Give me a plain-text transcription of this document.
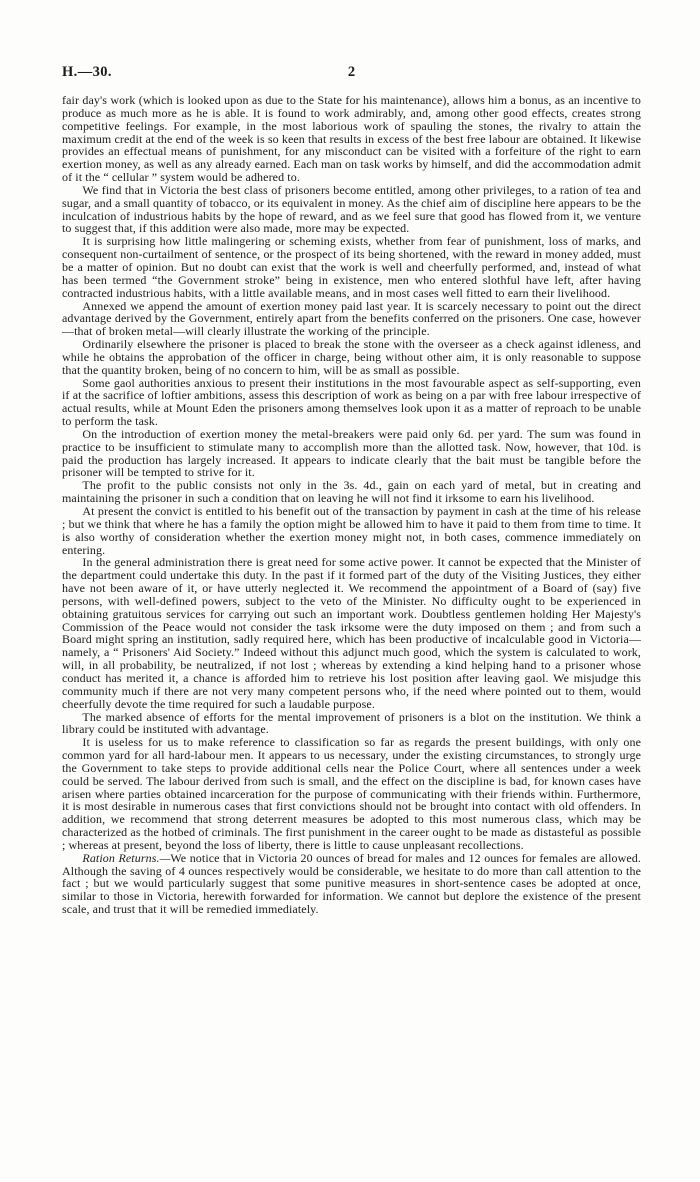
H.—30.	2

fair day's work (which is looked upon as due to the State for his maintenance), allows him a bonus, as an incentive to produce as much more as he is able. It is found to work admirably, and, among other good effects, creates strong competitive feelings. For example, in the most laborious work of spauling the stones, the rivalry to attain the maximum credit at the end of the week is so keen that results in excess of the best free labour are obtained. It likewise provides an effectual means of punishment, for any misconduct can be visited with a forfeiture of the right to earn exertion money, as well as any already earned. Each man on task works by himself, and did the accommodation admit of it the “ cellular ” system would be adhered to.

We find that in Victoria the best class of prisoners become entitled, among other privileges, to a ration of tea and sugar, and a small quantity of tobacco, or its equivalent in money. As the chief aim of discipline here appears to be the inculcation of industrious habits by the hope of reward, and as we feel sure that good has flowed from it, we venture to suggest that, if this addition were also made, more may be expected.

It is surprising how little malingering or scheming exists, whether from fear of punishment, loss of marks, and consequent non-curtailment of sentence, or the prospect of its being shortened, with the reward in money added, must be a matter of opinion. But no doubt can exist that the work is well and cheerfully performed, and, instead of what has been termed “the Government stroke” being in existence, men who entered slothful have left, after having contracted industrious habits, with a little available means, and in most cases well fitted to earn their livelihood.

Annexed we append the amount of exertion money paid last year. It is scarcely necessary to point out the direct advantage derived by the Government, entirely apart from the benefits conferred on the prisoners. One case, however—that of broken metal—will clearly illustrate the working of the principle.

Ordinarily elsewhere the prisoner is placed to break the stone with the overseer as a check against idleness, and while he obtains the approbation of the officer in charge, being without other aim, it is only reasonable to suppose that the quantity broken, being of no concern to him, will be as small as possible.

Some gaol authorities anxious to present their institutions in the most favourable aspect as self-supporting, even if at the sacrifice of loftier ambitions, assess this description of work as being on a par with free labour irrespective of actual results, while at Mount Eden the prisoners among themselves look upon it as a matter of reproach to be unable to perform the task.

On the introduction of exertion money the metal-breakers were paid only 6d. per yard. The sum was found in practice to be insufficient to stimulate many to accomplish more than the allotted task. Now, however, that 10d. is paid the production has largely increased. It appears to indicate clearly that the bait must be tangible before the prisoner will be tempted to strive for it.

The profit to the public consists not only in the 3s. 4d., gain on each yard of metal, but in creating and maintaining the prisoner in such a condition that on leaving he will not find it irksome to earn his livelihood.

At present the convict is entitled to his benefit out of the transaction by payment in cash at the time of his release ; but we think that where he has a family the option might be allowed him to have it paid to them from time to time. It is also worthy of consideration whether the exertion money might not, in both cases, commence immediately on entering.

In the general administration there is great need for some active power. It cannot be expected that the Minister of the department could undertake this duty. In the past if it formed part of the duty of the Visiting Justices, they either have not been aware of it, or have utterly neglected it. We recommend the appointment of a Board of (say) five persons, with well-defined powers, subject to the veto of the Minister. No difficulty ought to be experienced in obtaining gratuitous services for carrying out such an important work. Doubtless gentlemen holding Her Majesty's Commission of the Peace would not consider the task irksome were the duty imposed on them ; and from such a Board might spring an institution, sadly required here, which has been productive of incalculable good in Victoria—namely, a “ Prisoners' Aid Society.” Indeed without this adjunct much good, which the system is calculated to work, will, in all probability, be neutralized, if not lost ; whereas by extending a kind helping hand to a prisoner whose conduct has merited it, a chance is afforded him to retrieve his lost position after leaving gaol. We misjudge this community much if there are not very many competent persons who, if the need where pointed out to them, would cheerfully devote the time required for such a laudable purpose.

The marked absence of efforts for the mental improvement of prisoners is a blot on the institution. We think a library could be instituted with advantage.

It is useless for us to make reference to classification so far as regards the present buildings, with only one common yard for all hard-labour men. It appears to us necessary, under the existing circumstances, to strongly urge the Government to take steps to provide additional cells near the Police Court, where all sentences under a week could be served. The labour derived from such is small, and the effect on the discipline is bad, for known cases have arisen where parties obtained incarceration for the purpose of communicating with their friends within. Furthermore, it is most desirable in numerous cases that first convictions should not be brought into contact with old offenders. In addition, we recommend that strong deterrent measures be adopted to this most numerous class, which may be characterized as the hotbed of criminals. The first punishment in the career ought to be made as distasteful as possible ; whereas at present, beyond the loss of liberty, there is little to cause unpleasant recollections.

Ration Returns.—We notice that in Victoria 20 ounces of bread for males and 12 ounces for females are allowed. Although the saving of 4 ounces respectively would be considerable, we hesitate to do more than call attention to the fact ; but we would particularly suggest that some punitive measures in short-sentence cases be adopted at once, similar to those in Victoria, herewith forwarded for information. We cannot but deplore the existence of the present scale, and trust that it will be remedied immediately.
